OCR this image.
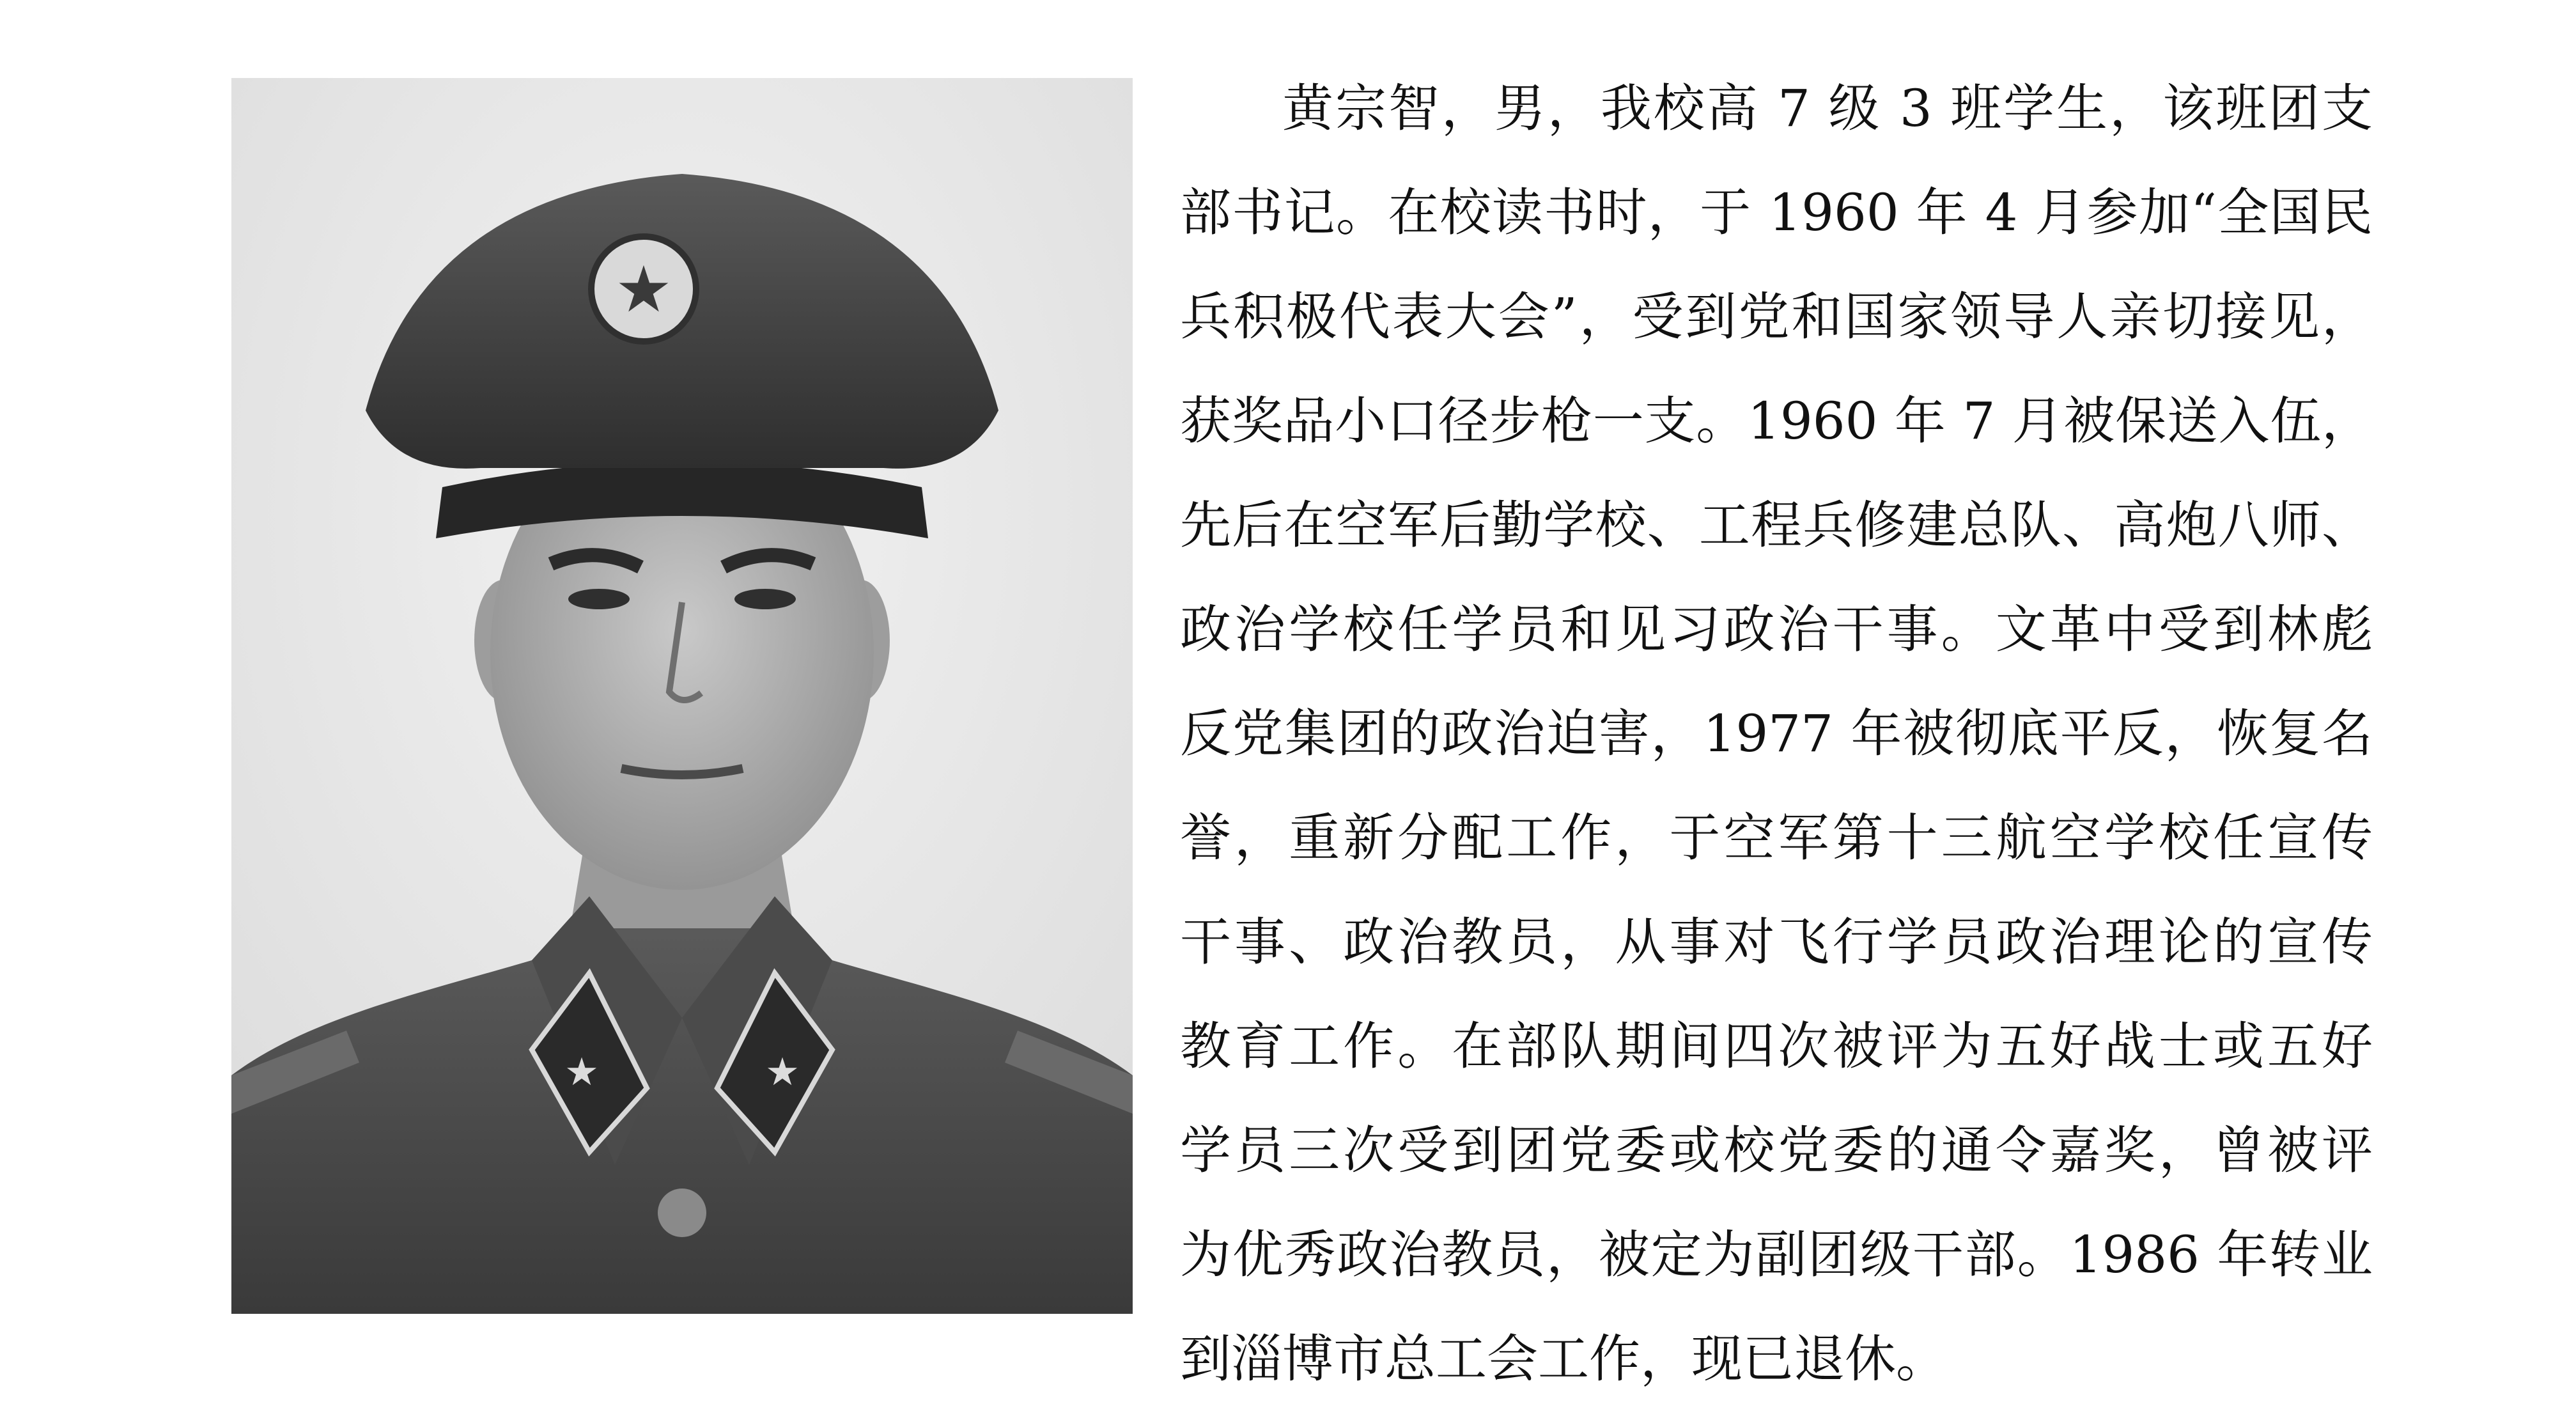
★	★
★
黄宗智，男，我校高 7 级 3 班学生，该班团支
部书记。在校读书时，于 1960 年 4 月参加“全国民
兵积极代表大会”，受到党和国家领导人亲切接见，
获奖品小口径步枪一支。1960 年 7 月被保送入伍，
先后在空军后勤学校、工程兵修建总队、高炮八师、
政治学校任学员和见习政治干事。文革中受到林彪
反党集团的政治迫害，1977 年被彻底平反，恢复名
誉，重新分配工作，于空军第十三航空学校任宣传
干事、政治教员，从事对飞行学员政治理论的宣传
教育工作。在部队期间四次被评为五好战士或五好
学员三次受到团党委或校党委的通令嘉奖，曾被评
为优秀政治教员，被定为副团级干部。1986 年转业
到淄博市总工会工作，现已退休。
